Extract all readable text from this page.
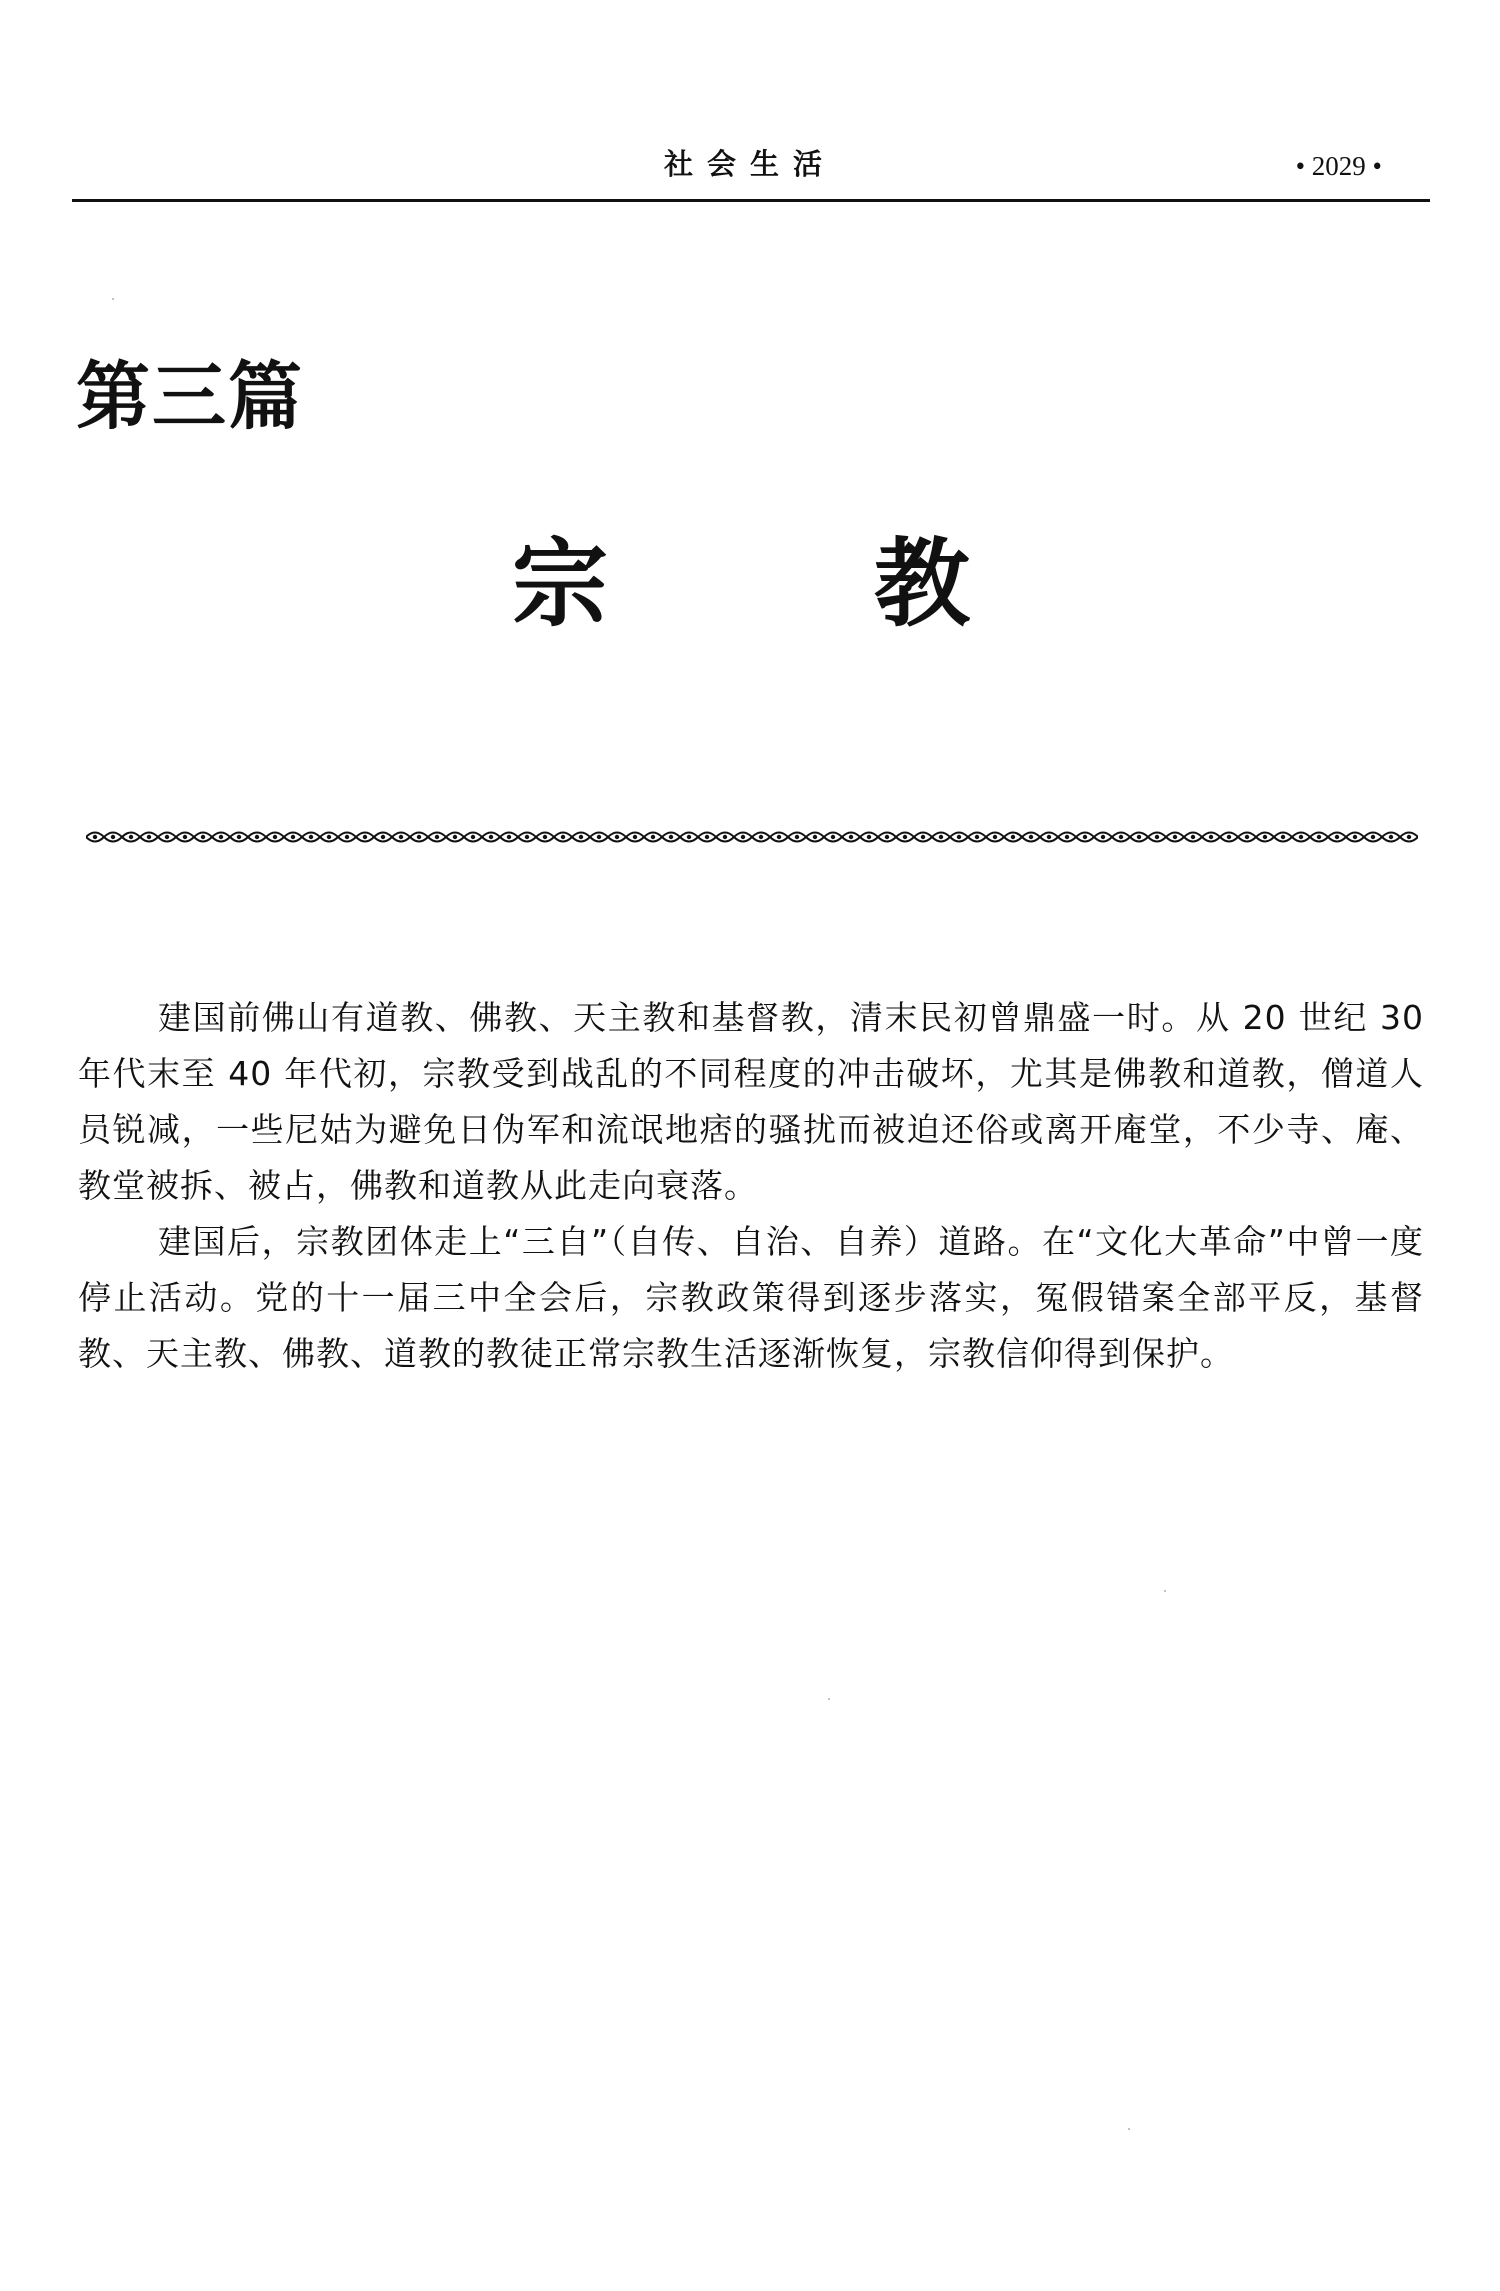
社会生活	• 2029 •
第三篇
宗	教

建国前佛山有道教、佛教、天主教和基督教，清末民初曾鼎盛一时。从 20 世纪 30 年代末至 40 年代初，宗教受到战乱的不同程度的冲击破坏，尤其是佛教和道教，僧道人员锐减，一些尼姑为避免日伪军和流氓地痞的骚扰而被迫还俗或离开庵堂，不少寺、庵、教堂被拆、被占，佛教和道教从此走向衰落。

建国后，宗教团体走上“三自”（自传、自治、自养）道路。在“文化大革命”中曾一度停止活动。党的十一届三中全会后，宗教政策得到逐步落实，冤假错案全部平反，基督教、天主教、佛教、道教的教徒正常宗教生活逐渐恢复，宗教信仰得到保护。
